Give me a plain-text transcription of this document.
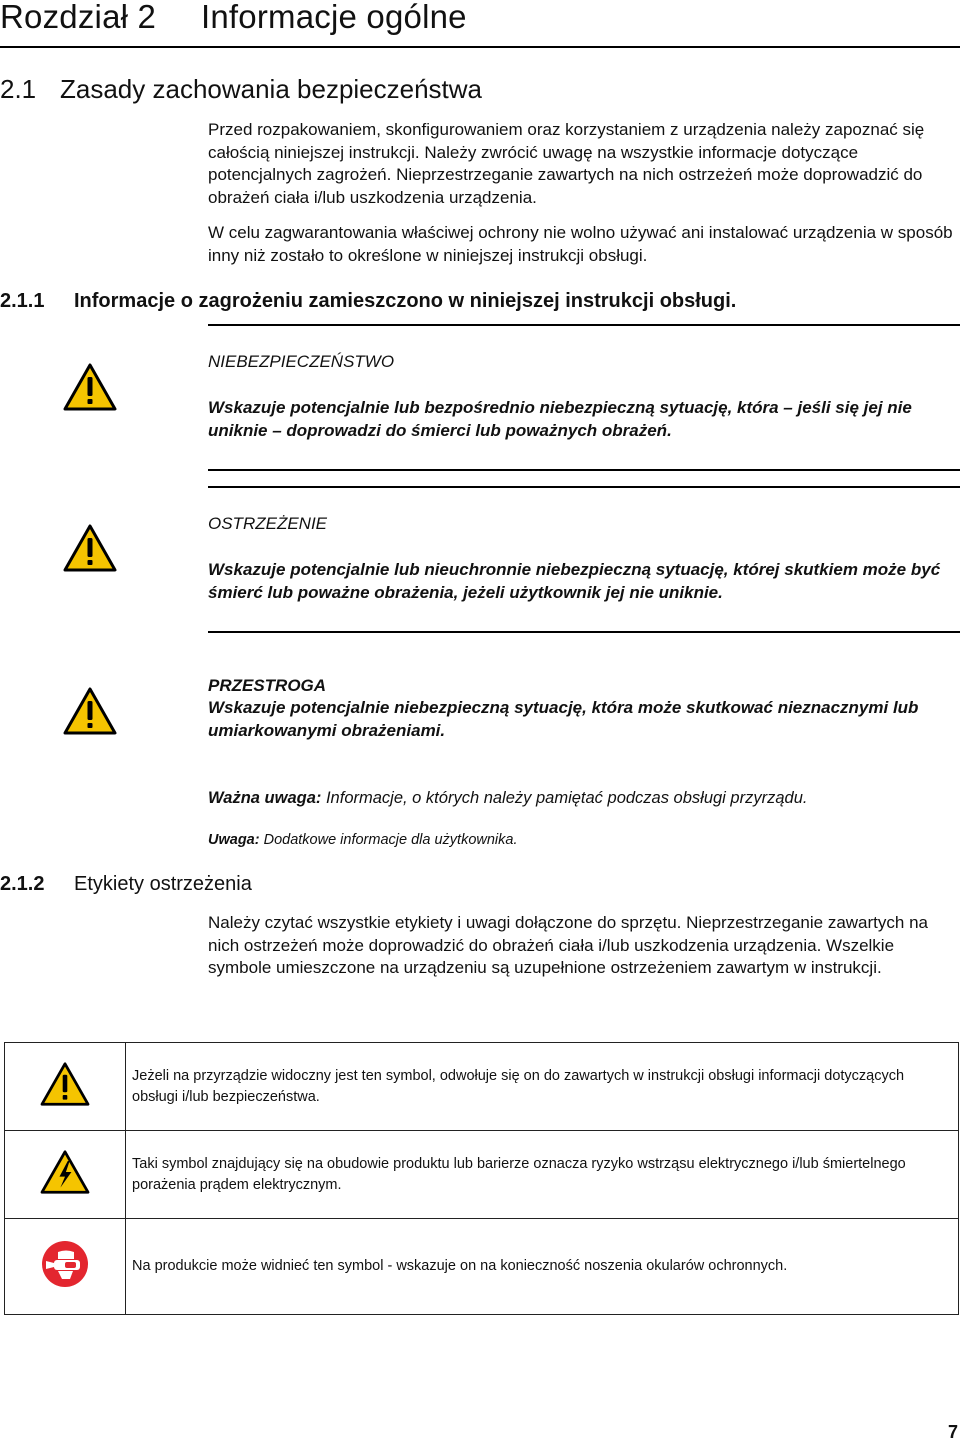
Rozdział 2 Informacje ogólne
2.1 Zasady zachowania bezpieczeństwa

Przed rozpakowaniem, skonfigurowaniem oraz korzystaniem z urządzenia należy zapoznać się całością niniejszej instrukcji. Należy zwrócić uwagę na wszystkie informacje dotyczące potencjalnych zagrożeń. Nieprzestrzeganie zawartych na nich ostrzeżeń może doprowadzić do obrażeń ciała i/lub uszkodzenia urządzenia.

W celu zagwarantowania właściwej ochrony nie wolno używać ani instalować urządzenia w sposób inny niż zostało to określone w niniejszej instrukcji obsługi.

2.1.1 Informacje o zagrożeniu zamieszczono w niniejszej instrukcji obsługi.
NIEBEZPIECZEŃSTWO

Wskazuje potencjalnie lub bezpośrednio niebezpieczną sytuację, która – jeśli się jej nie uniknie – doprowadzi do śmierci lub poważnych obrażeń.

OSTRZEŻENIE

Wskazuje potencjalnie lub nieuchronnie niebezpieczną sytuację, której skutkiem może być śmierć lub poważne obrażenia, jeżeli użytkownik jej nie uniknie.

PRZESTROGA

Wskazuje potencjalnie niebezpieczną sytuację, która może skutkować nieznacznymi lub umiarkowanymi obrażeniami.

Ważna uwaga: Informacje, o których należy pamiętać podczas obsługi przyrządu.

Uwaga: Dodatkowe informacje dla użytkownika.

2.1.2 Etykiety ostrzeżenia

Należy czytać wszystkie etykiety i uwagi dołączone do sprzętu. Nieprzestrzeganie zawartych na nich ostrzeżeń może doprowadzić do obrażeń ciała i/lub uszkodzenia urządzenia. Wszelkie symbole umieszczone na urządzeniu są uzupełnione ostrzeżeniem zawartym w instrukcji.

	Jeżeli na przyrządzie widoczny jest ten symbol, odwołuje się on do zawartych w instrukcji obsługi informacji dotyczących obsługi i/lub bezpieczeństwa.
	Taki symbol znajdujący się na obudowie produktu lub barierze oznacza ryzyko wstrząsu elektrycznego i/lub śmiertelnego porażenia prądem elektrycznym.
	Na produkcie może widnieć ten symbol - wskazuje on na konieczność noszenia okularów ochronnych.
7
